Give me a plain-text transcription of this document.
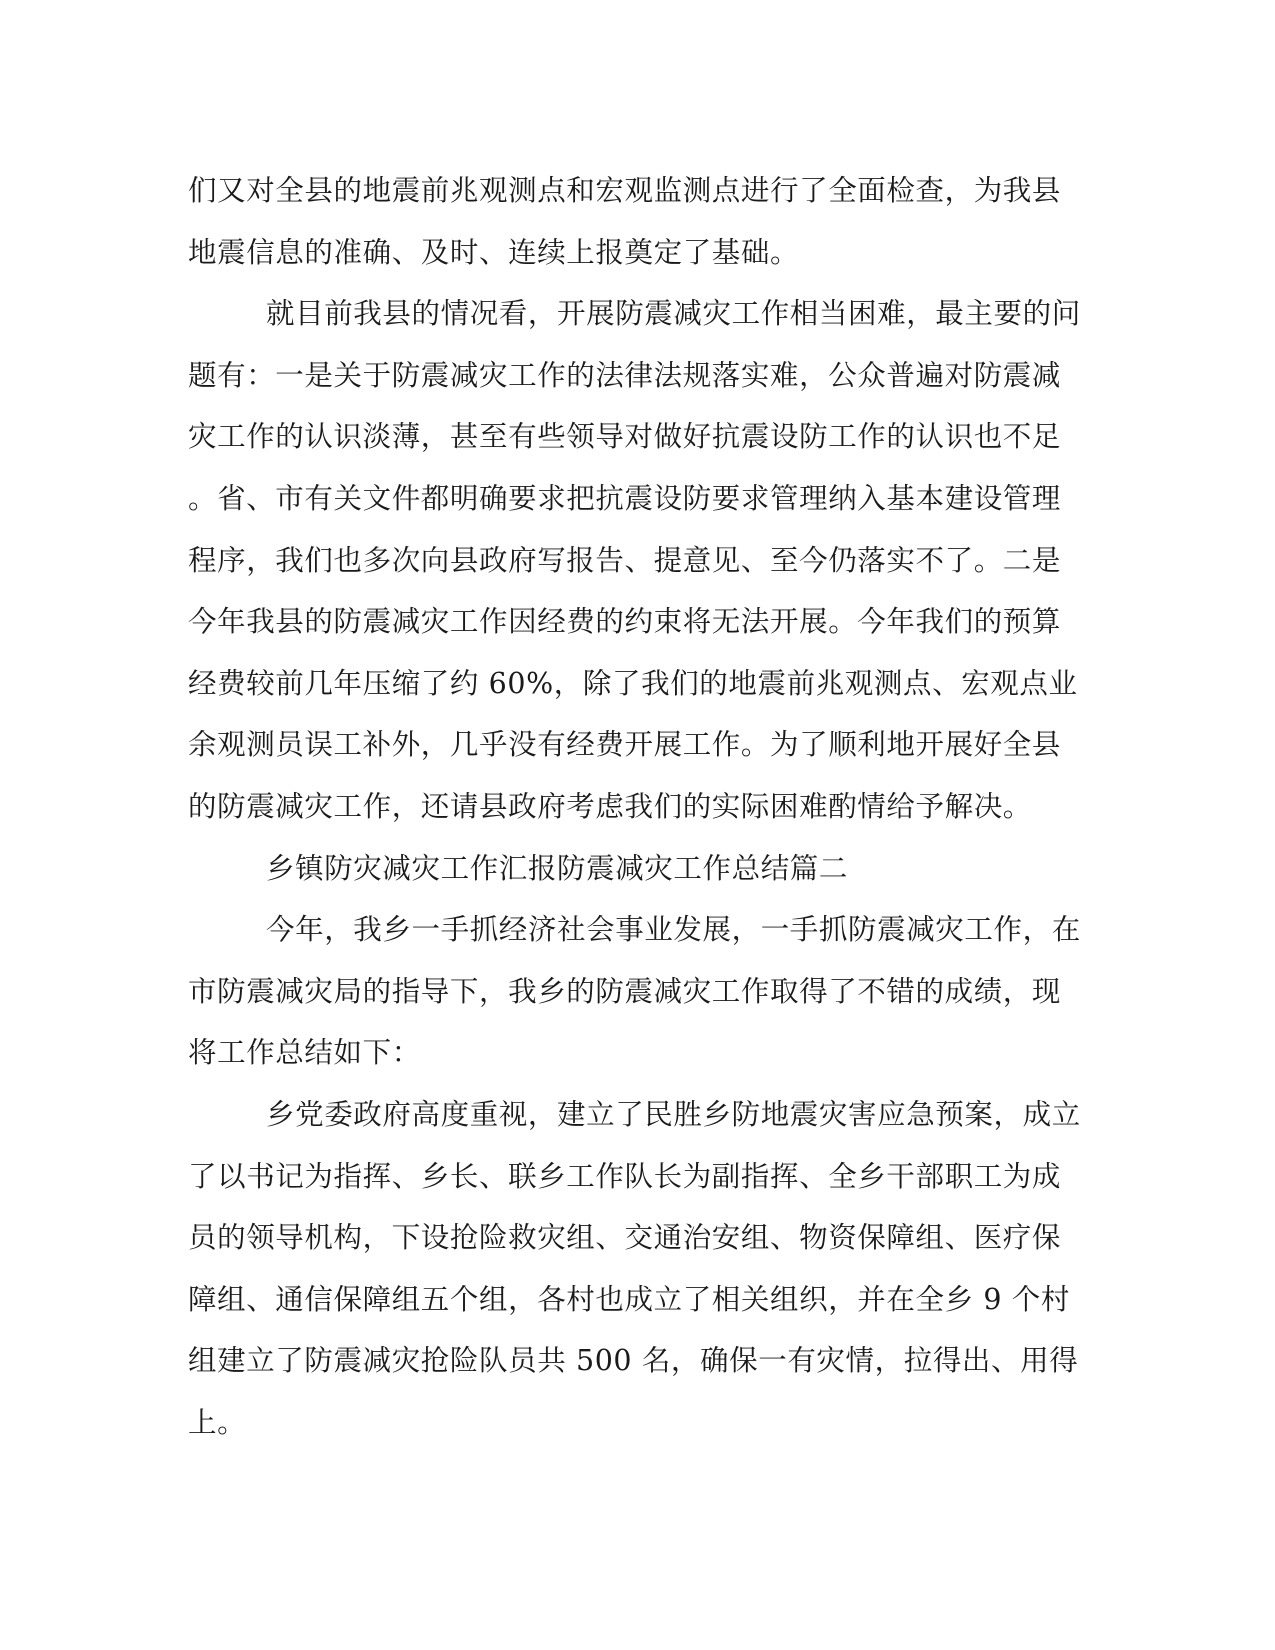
们又对全县的地震前兆观测点和宏观监测点进行了全面检查，为我县
地震信息的准确、及时、连续上报奠定了基础。
就目前我县的情况看，开展防震减灾工作相当困难，最主要的问
题有：一是关于防震减灾工作的法律法规落实难，公众普遍对防震减
灾工作的认识淡薄，甚至有些领导对做好抗震设防工作的认识也不足
。省、市有关文件都明确要求把抗震设防要求管理纳入基本建设管理
程序，我们也多次向县政府写报告、提意见、至今仍落实不了。二是
今年我县的防震减灾工作因经费的约束将无法开展。今年我们的预算
经费较前几年压缩了约 60%，除了我们的地震前兆观测点、宏观点业
余观测员误工补外，几乎没有经费开展工作。为了顺利地开展好全县
的防震减灾工作，还请县政府考虑我们的实际困难酌情给予解决。
乡镇防灾减灾工作汇报防震减灾工作总结篇二
今年，我乡一手抓经济社会事业发展，一手抓防震减灾工作，在
市防震减灾局的指导下，我乡的防震减灾工作取得了不错的成绩，现
将工作总结如下：
乡党委政府高度重视，建立了民胜乡防地震灾害应急预案，成立
了以书记为指挥、乡长、联乡工作队长为副指挥、全乡干部职工为成
员的领导机构，下设抢险救灾组、交通治安组、物资保障组、医疗保
障组、通信保障组五个组，各村也成立了相关组织，并在全乡 9 个村
组建立了防震减灾抢险队员共 500 名，确保一有灾情，拉得出、用得
上。
